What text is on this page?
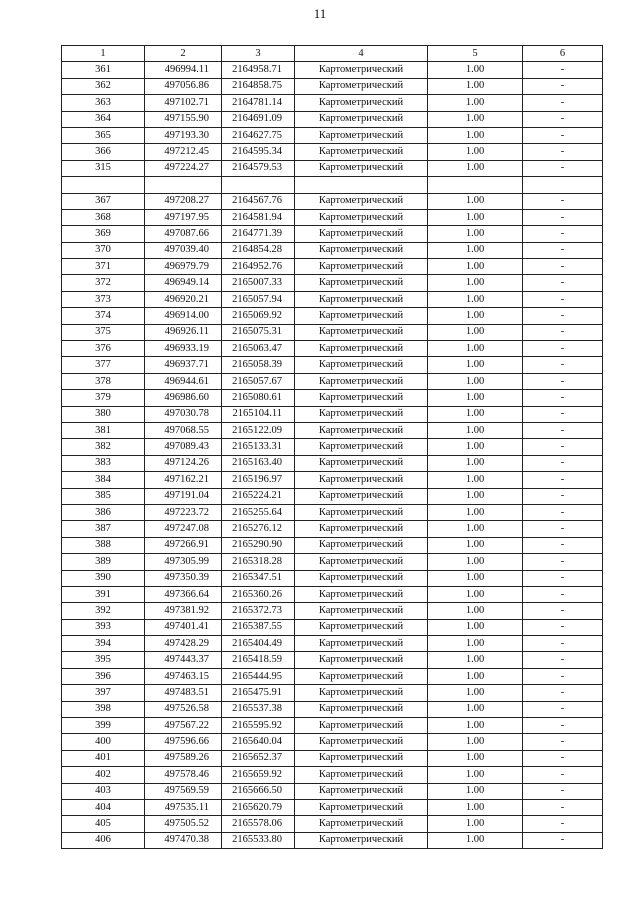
11
1	2	3	4	5	6
361	496994.11	2164958.71	Картометрический	1.00	-
362	497056.86	2164858.75	Картометрический	1.00	-
363	497102.71	2164781.14	Картометрический	1.00	-
364	497155.90	2164691.09	Картометрический	1.00	-
365	497193.30	2164627.75	Картометрический	1.00	-
366	497212.45	2164595.34	Картометрический	1.00	-
315	497224.27	2164579.53	Картометрический	1.00	-

367	497208.27	2164567.76	Картометрический	1.00	-
368	497197.95	2164581.94	Картометрический	1.00	-
369	497087.66	2164771.39	Картометрический	1.00	-
370	497039.40	2164854.28	Картометрический	1.00	-
371	496979.79	2164952.76	Картометрический	1.00	-
372	496949.14	2165007.33	Картометрический	1.00	-
373	496920.21	2165057.94	Картометрический	1.00	-
374	496914.00	2165069.92	Картометрический	1.00	-
375	496926.11	2165075.31	Картометрический	1.00	-
376	496933.19	2165063.47	Картометрический	1.00	-
377	496937.71	2165058.39	Картометрический	1.00	-
378	496944.61	2165057.67	Картометрический	1.00	-
379	496986.60	2165080.61	Картометрический	1.00	-
380	497030.78	2165104.11	Картометрический	1.00	-
381	497068.55	2165122.09	Картометрический	1.00	-
382	497089.43	2165133.31	Картометрический	1.00	-
383	497124.26	2165163.40	Картометрический	1.00	-
384	497162.21	2165196.97	Картометрический	1.00	-
385	497191.04	2165224.21	Картометрический	1.00	-
386	497223.72	2165255.64	Картометрический	1.00	-
387	497247.08	2165276.12	Картометрический	1.00	-
388	497266.91	2165290.90	Картометрический	1.00	-
389	497305.99	2165318.28	Картометрический	1.00	-
390	497350.39	2165347.51	Картометрический	1.00	-
391	497366.64	2165360.26	Картометрический	1.00	-
392	497381.92	2165372.73	Картометрический	1.00	-
393	497401.41	2165387.55	Картометрический	1.00	-
394	497428.29	2165404.49	Картометрический	1.00	-
395	497443.37	2165418.59	Картометрический	1.00	-
396	497463.15	2165444.95	Картометрический	1.00	-
397	497483.51	2165475.91	Картометрический	1.00	-
398	497526.58	2165537.38	Картометрический	1.00	-
399	497567.22	2165595.92	Картометрический	1.00	-
400	497596.66	2165640.04	Картометрический	1.00	-
401	497589.26	2165652.37	Картометрический	1.00	-
402	497578.46	2165659.92	Картометрический	1.00	-
403	497569.59	2165666.50	Картометрический	1.00	-
404	497535.11	2165620.79	Картометрический	1.00	-
405	497505.52	2165578.06	Картометрический	1.00	-
406	497470.38	2165533.80	Картометрический	1.00	-
